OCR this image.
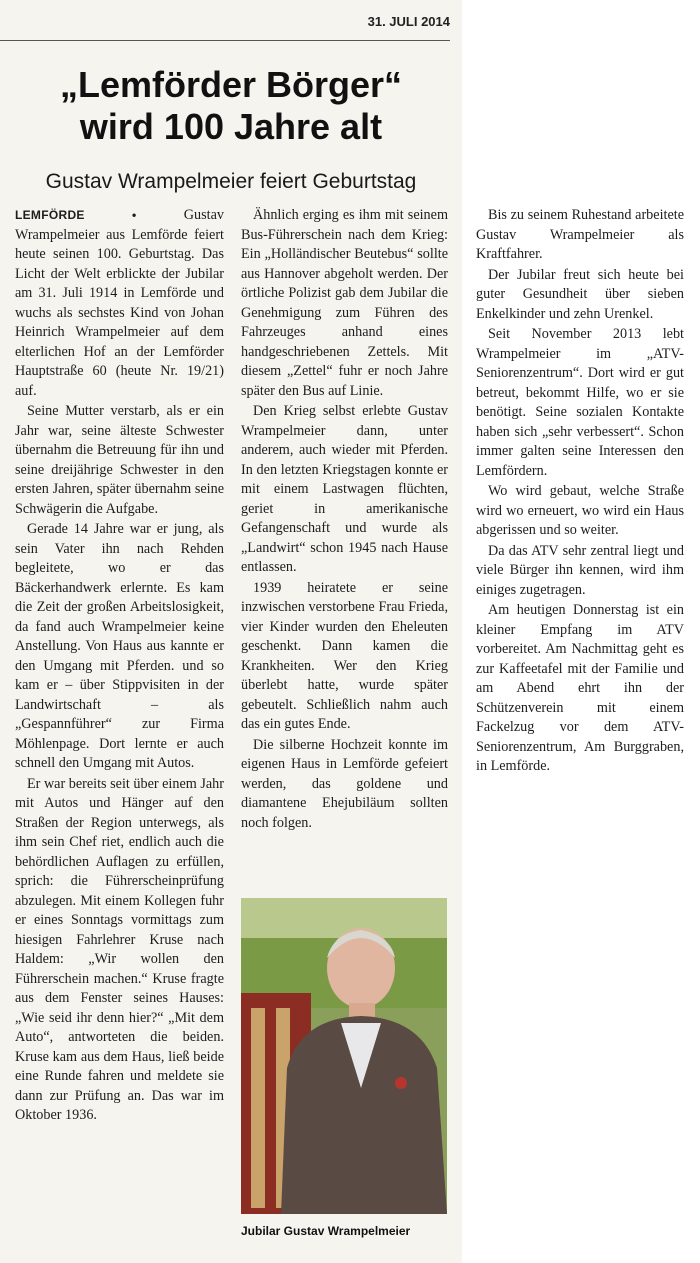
31. JULI 2014
„Lemförder Börger“
wird 100 Jahre alt
Gustav Wrampelmeier feiert Geburtstag

LEMFÖRDE •	Gustav Wrampelmeier aus Lemförde feiert heute seinen 100. Geburtstag. Das Licht der Welt erblickte der Jubilar am 31. Juli 1914 in Lemförde und wuchs als sechstes Kind von Johan Heinrich Wrampelmeier auf dem elterlichen Hof an der Lemförder Hauptstraße 60 (heute Nr. 19/21) auf.

Seine Mutter verstarb, als er ein Jahr war, seine älteste Schwester übernahm die Betreuung für ihn und seine dreijährige Schwester in den ersten Jahren, später übernahm seine Schwägerin die Aufgabe.

Gerade 14 Jahre war er jung, als sein Vater ihn nach Rehden begleitete, wo er das Bäckerhandwerk erlernte. Es kam die Zeit der großen Arbeitslosigkeit, da fand auch Wrampelmeier keine Anstellung. Von Haus aus kannte er den Umgang mit Pferden. und so kam er – über Stippvisiten in der Landwirtschaft – als „Gespannführer“ zur Firma Möhlenpage. Dort lernte er auch schnell den Umgang mit Autos.

Er war bereits seit über einem Jahr mit Autos und Hänger auf den Straßen der Region unterwegs, als ihm sein Chef riet, endlich auch die behördlichen Auflagen zu erfüllen, sprich: die Führerscheinprüfung abzulegen. Mit einem Kollegen fuhr er eines Sonntags vormittags zum hiesigen Fahrlehrer Kruse nach Haldem: „Wir wollen den Führerschein machen.“ Kruse fragte aus dem Fenster seines Hauses: „Wie seid ihr denn hier?“ „Mit dem Auto“, antworteten die beiden. Kruse kam aus dem Haus, ließ beide eine Runde fahren und meldete sie dann zur Prüfung an. Das war im Oktober 1936.

Ähnlich erging es ihm mit seinem Bus-Führerschein nach dem Krieg: Ein „Holländischer Beutebus“ sollte aus Hannover abgeholt werden. Der örtliche Polizist gab dem Jubilar die Genehmigung zum Führen des Fahrzeuges anhand eines handgeschriebenen Zettels. Mit diesem „Zettel“ fuhr er noch Jahre später den Bus auf Linie.

Den Krieg selbst erlebte Gustav Wrampelmeier dann, unter anderem, auch wieder mit Pferden. In den letzten Kriegstagen konnte er mit einem Lastwagen flüchten, geriet in amerikanische Gefangenschaft und wurde als „Landwirt“ schon 1945 nach Hause entlassen.

1939 heiratete er seine inzwischen verstorbene Frau Frieda, vier Kinder wurden den Eheleuten geschenkt. Dann kamen die Krankheiten. Wer den Krieg überlebt hatte, wurde später gebeutelt. Schließlich nahm auch das ein gutes Ende.

Die silberne Hochzeit konnte im eigenen Haus in Lemförde gefeiert werden, das goldene und diamantene Ehejubiläum sollten noch folgen.

Jubilar Gustav Wrampelmeier

Bis zu seinem Ruhestand arbeitete Gustav Wrampelmeier als Kraftfahrer.

Der Jubilar freut sich heute bei guter Gesundheit über sieben Enkelkinder und zehn Urenkel.

Seit November 2013 lebt Wrampelmeier im „ATV-Seniorenzentrum“. Dort wird er gut betreut, bekommt Hilfe, wo er sie benötigt. Seine sozialen Kontakte haben sich „sehr verbessert“. Schon immer galten seine Interessen den Lemfördern.

Wo wird gebaut, welche Straße wird wo erneuert, wo wird ein Haus abgerissen und so weiter.

Da das ATV sehr zentral liegt und viele Bürger ihn kennen, wird ihm einiges zugetragen.

Am heutigen Donnerstag ist ein kleiner Empfang im ATV vorbereitet. Am Nachmittag geht es zur Kaffeetafel mit der Familie und am Abend ehrt ihn der Schützenverein mit einem Fackelzug vor dem ATV-Seniorenzentrum, Am Burggraben, in Lemförde.
